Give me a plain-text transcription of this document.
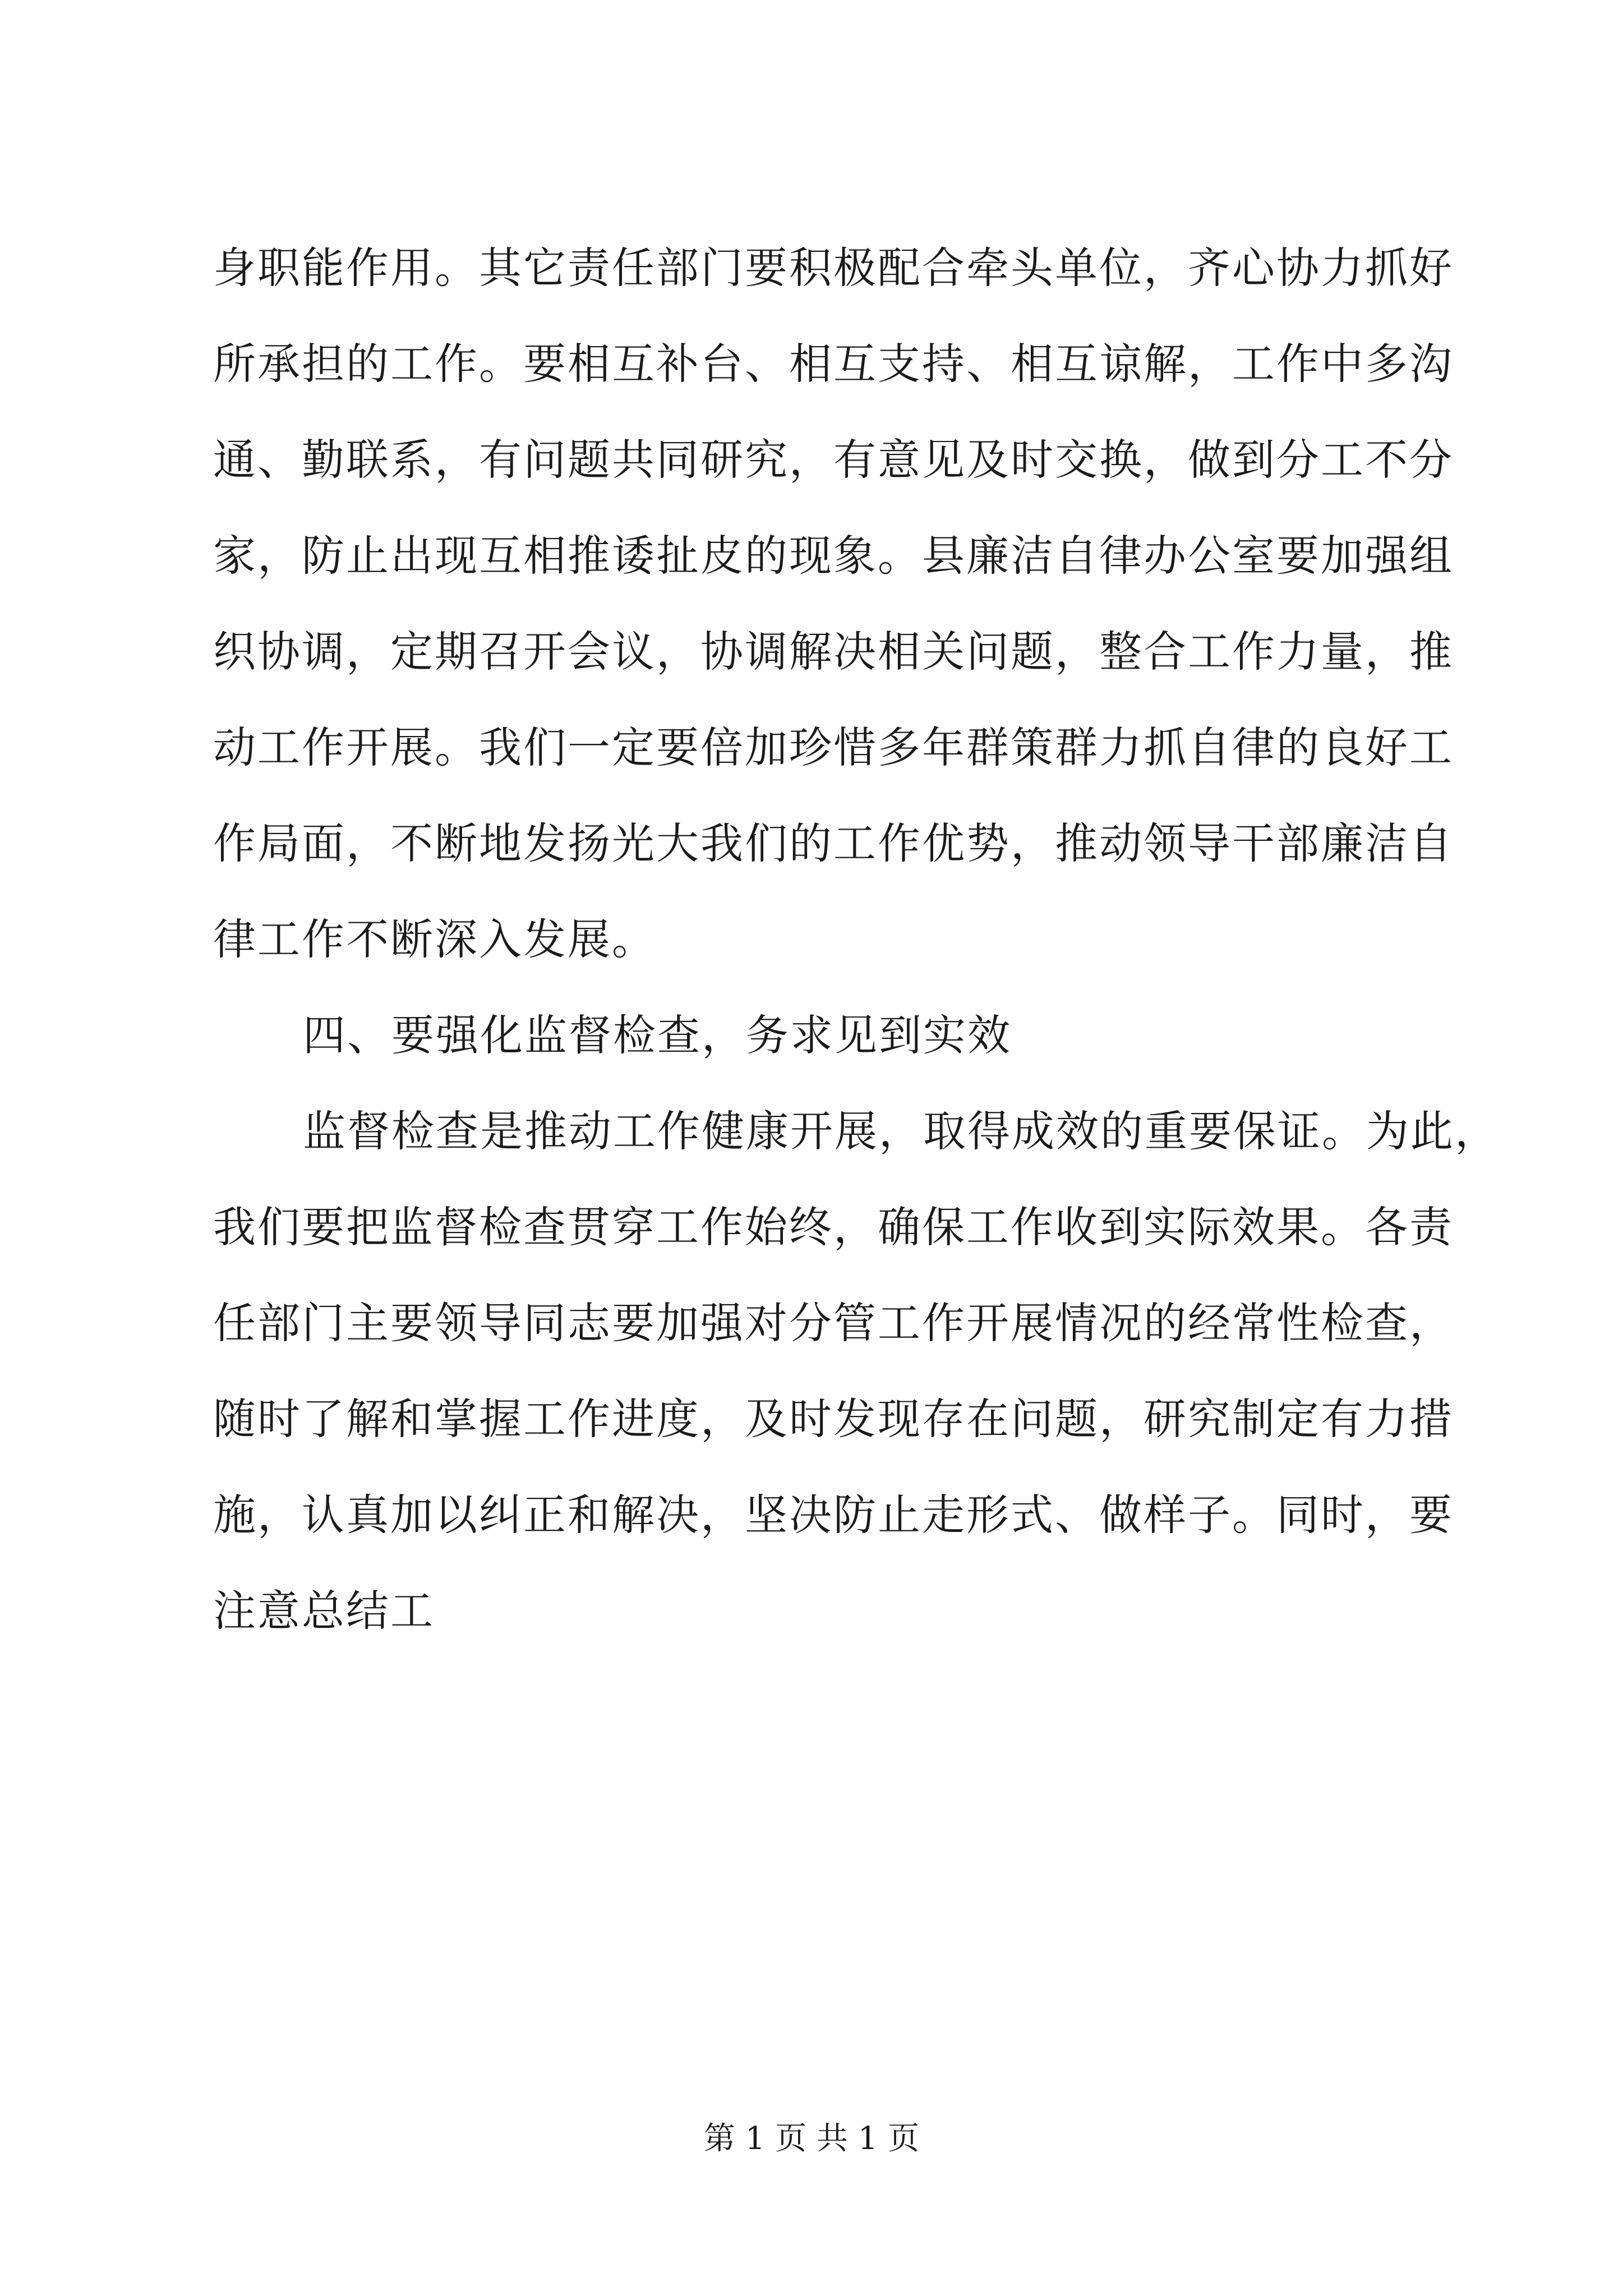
身职能作用。其它责任部门要积极配合牵头单位，齐心协力抓好
所承担的工作。要相互补台、相互支持、相互谅解，工作中多沟
通、勤联系，有问题共同研究，有意见及时交换，做到分工不分
家，防止出现互相推诿扯皮的现象。县廉洁自律办公室要加强组
织协调，定期召开会议，协调解决相关问题，整合工作力量，推
动工作开展。我们一定要倍加珍惜多年群策群力抓自律的良好工
作局面，不断地发扬光大我们的工作优势，推动领导干部廉洁自
律工作不断深入发展。
四、要强化监督检查，务求见到实效
监督检查是推动工作健康开展，取得成效的重要保证。为此，
我们要把监督检查贯穿工作始终，确保工作收到实际效果。各责
任部门主要领导同志要加强对分管工作开展情况的经常性检查，
随时了解和掌握工作进度，及时发现存在问题，研究制定有力措
施，认真加以纠正和解决，坚决防止走形式、做样子。同时，要
注意总结工
第 1 页 共 1 页
